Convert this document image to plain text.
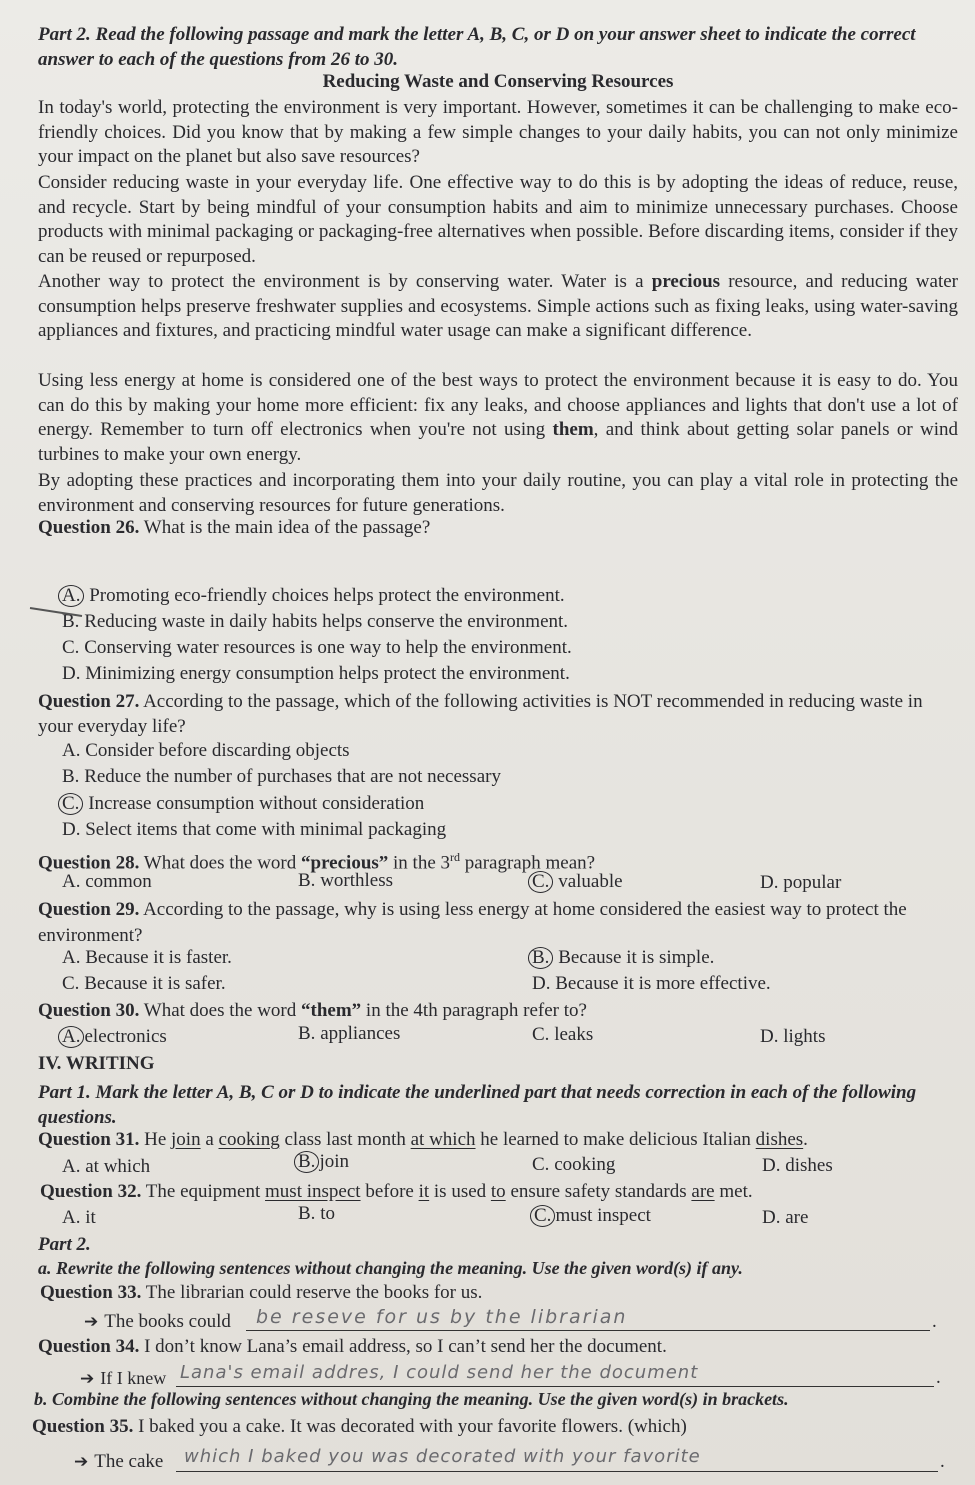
Part 2. Read the following passage and mark the letter A, B, C, or D on your answer sheet to indicate the correct answer to each of the questions from 26 to 30.
Reducing Waste and Conserving Resources
In today's world, protecting the environment is very important. However, sometimes it can be challenging to make eco-friendly choices. Did you know that by making a few simple changes to your daily habits, you can not only minimize your impact on the planet but also save resources?
Consider reducing waste in your everyday life. One effective way to do this is by adopting the ideas of reduce, reuse, and recycle. Start by being mindful of your consumption habits and aim to minimize unnecessary purchases. Choose products with minimal packaging or packaging-free alternatives when possible. Before discarding items, consider if they can be reused or repurposed.
Another way to protect the environment is by conserving water. Water is a precious resource, and reducing water consumption helps preserve freshwater supplies and ecosystems. Simple actions such as fixing leaks, using water-saving appliances and fixtures, and practicing mindful water usage can make a significant difference.
Using less energy at home is considered one of the best ways to protect the environment because it is easy to do. You can do this by making your home more efficient: fix any leaks, and choose appliances and lights that don't use a lot of energy. Remember to turn off electronics when you're not using them, and think about getting solar panels or wind turbines to make your own energy.
By adopting these practices and incorporating them into your daily routine, you can play a vital role in protecting the environment and conserving resources for future generations.
Question 26. What is the main idea of the passage?
A. Promoting eco-friendly choices helps protect the environment.
B. Reducing waste in daily habits helps conserve the environment.
C. Conserving water resources is one way to help the environment.
D. Minimizing energy consumption helps protect the environment.
Question 27. According to the passage, which of the following activities is NOT recommended in reducing waste in your everyday life?
A. Consider before discarding objects
B. Reduce the number of purchases that are not necessary
C. Increase consumption without consideration
D. Select items that come with minimal packaging
Question 28. What does the word “precious” in the 3rd paragraph mean?
A. common	B. worthless	C. valuable	D. popular
Question 29. According to the passage, why is using less energy at home considered the easiest way to protect the environment?
A. Because it is faster.	B. Because it is simple.
C. Because it is safer.	D. Because it is more effective.
Question 30. What does the word “them” in the 4th paragraph refer to?
A. electronics	B. appliances	C. leaks	D. lights
IV. WRITING
Part 1. Mark the letter A, B, C or D to indicate the underlined part that needs correction in each of the following questions.
Question 31. He join a cooking class last month at which he learned to make delicious Italian dishes.
A. at which	B. join	C. cooking	D. dishes
Question 32. The equipment must inspect before it is used to ensure safety standards are met.
A. it	B. to	C. must inspect	D. are
Part 2.
a. Rewrite the following sentences without changing the meaning. Use the given word(s) if any.
Question 33. The librarian could reserve the books for us.
➔ The books could be reseve for us by the librarian	.
Question 34. I don’t know Lana’s email address, so I can’t send her the document.
➔ If I knew Lana's email addres, I could send her the document	.
b. Combine the following sentences without changing the meaning. Use the given word(s) in brackets.
Question 35. I baked you a cake. It was decorated with your favorite flowers. (which)
➔ The cake which I baked you was decorated with your favorite	.
